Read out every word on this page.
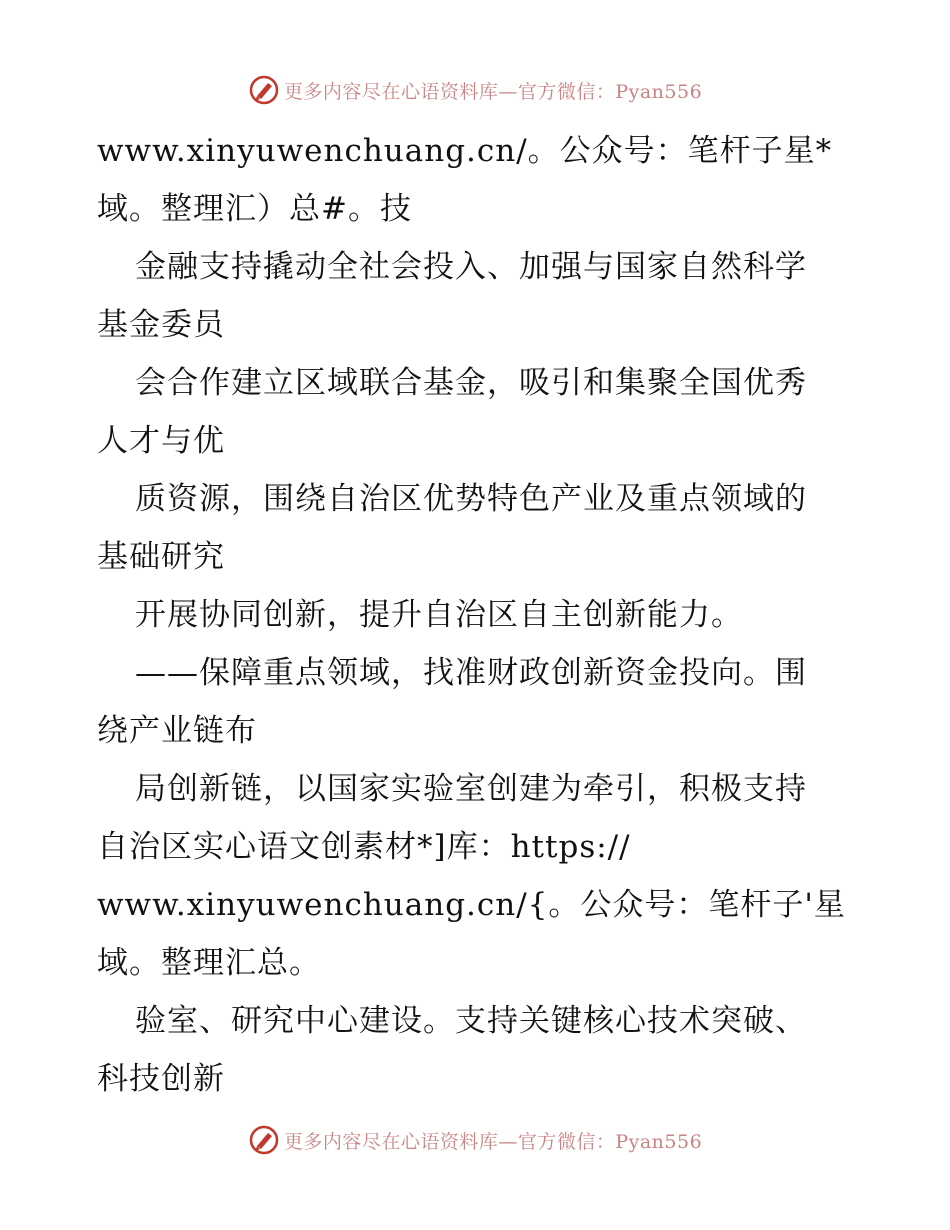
更多内容尽在心语资料库—官方微信：Pyan556
www.xinyuwenchuang.cn/。公众号：笔杆子星*
域。整理汇）总#。技
金融支持撬动全社会投入、加强与国家自然科学
基金委员
会合作建立区域联合基金，吸引和集聚全国优秀
人才与优
质资源，围绕自治区优势特色产业及重点领域的
基础研究
开展协同创新，提升自治区自主创新能力。
——保障重点领域，找准财政创新资金投向。围
绕产业链布
局创新链，以国家实验室创建为牵引，积极支持
自治区实心语文创素材*]库：https://
www.xinyuwenchuang.cn/{。公众号：笔杆子'星
域。整理汇总。
验室、研究中心建设。支持关键核心技术突破、
科技创新
更多内容尽在心语资料库—官方微信：Pyan556
